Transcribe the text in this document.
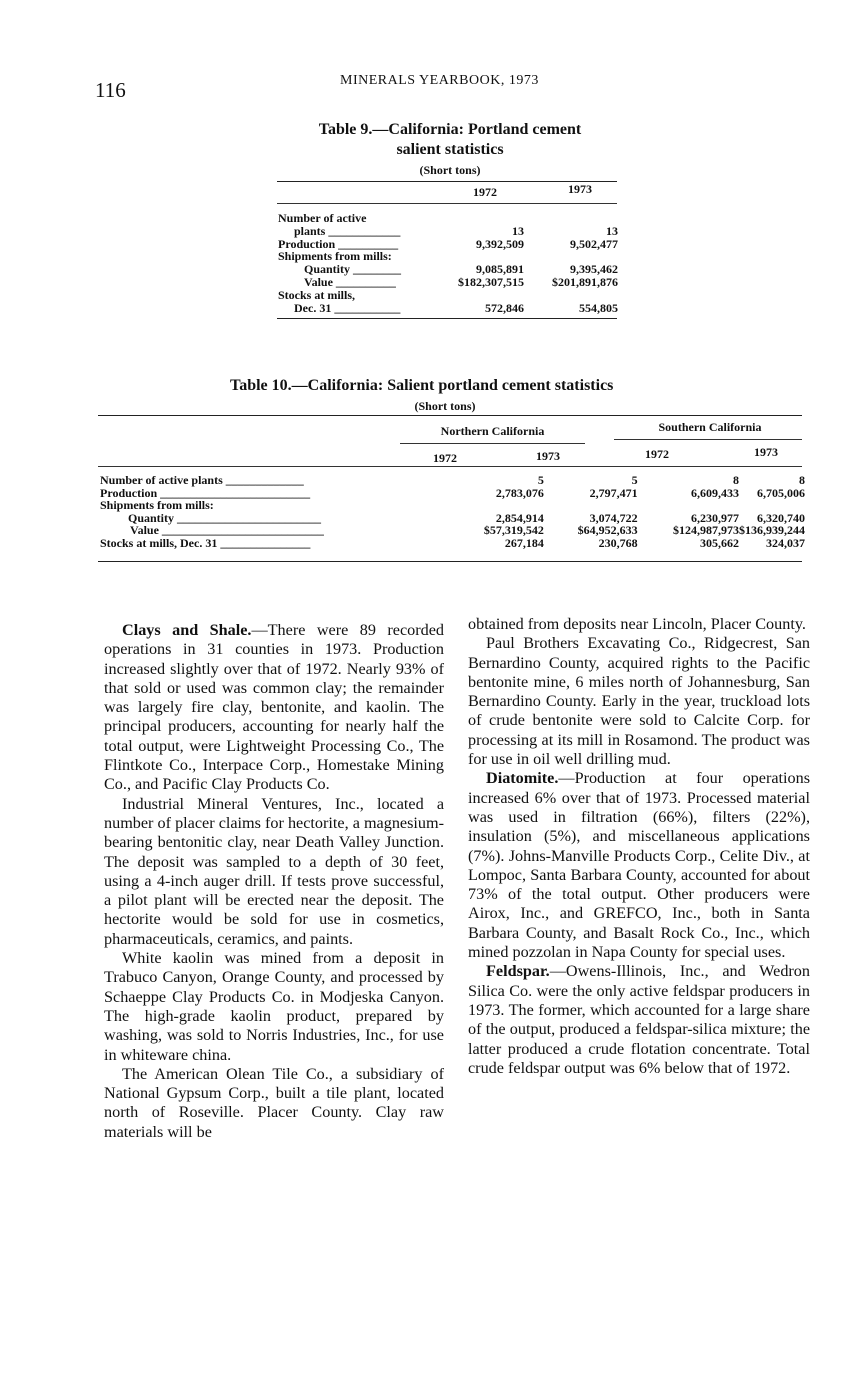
116	MINERALS YEARBOOK, 1973
Table 9.—California: Portland cement
salient statistics
(Short tons)
1972	1973
Number of active		
plants ____________	13	13
Production __________	9,392,509	9,502,477
Shipments from mills:		
Quantity ________	9,085,891	9,395,462
Value __________	$182,307,515	$201,891,876
Stocks at mills,		
Dec. 31 ___________	572,846	554,805
Table 10.—California: Salient portland cement statistics
(Short tons)
Northern California	Southern California
1972	1973	1972	1973
Number of active plants _____________	5	5	8	8
Production _________________________	2,783,076	2,797,471	6,609,433	6,705,006
Shipments from mills:				
Quantity ________________________	2,854,914	3,074,722	6,230,977	6,320,740
Value ___________________________	$57,319,542	$64,952,633	$124,987,973	$136,939,244
Stocks at mills, Dec. 31 _______________	267,184	230,768	305,662	324,037

Clays and Shale.—There were 89 recorded operations in 31 counties in 1973. Production increased slightly over that of 1972. Nearly 93% of that sold or used was common clay; the remainder was largely fire clay, bentonite, and kaolin. The principal producers, accounting for nearly half the total output, were Lightweight Processing Co., The Flintkote Co., Interpace Corp., Homestake Mining Co., and Pacific Clay Products Co.

Industrial Mineral Ventures, Inc., located a number of placer claims for hectorite, a magnesium-bearing bentonitic clay, near Death Valley Junction. The deposit was sampled to a depth of 30 feet, using a 4-inch auger drill. If tests prove successful, a pilot plant will be erected near the deposit. The hectorite would be sold for use in cosmetics, pharmaceuticals, ceramics, and paints.

White kaolin was mined from a deposit in Trabuco Canyon, Orange County, and processed by Schaeppe Clay Products Co. in Modjeska Canyon. The high-grade kaolin product, prepared by washing, was sold to Norris Industries, Inc., for use in whiteware china.

The American Olean Tile Co., a subsidiary of National Gypsum Corp., built a tile plant, located north of Roseville. Placer County. Clay raw materials will be

obtained from deposits near Lincoln, Placer County.

Paul Brothers Excavating Co., Ridgecrest, San Bernardino County, acquired rights to the Pacific bentonite mine, 6 miles north of Johannesburg, San Bernardino County. Early in the year, truckload lots of crude bentonite were sold to Calcite Corp. for processing at its mill in Rosamond. The product was for use in oil well drilling mud.

Diatomite.—Production at four operations increased 6% over that of 1973. Processed material was used in filtration (66%), filters (22%), insulation (5%), and miscellaneous applications (7%). Johns-Manville Products Corp., Celite Div., at Lompoc, Santa Barbara County, accounted for about 73% of the total output. Other producers were Airox, Inc., and GREFCO, Inc., both in Santa Barbara County, and Basalt Rock Co., Inc., which mined pozzolan in Napa County for special uses.

Feldspar.—Owens-Illinois, Inc., and Wedron Silica Co. were the only active feldspar producers in 1973. The former, which accounted for a large share of the output, produced a feldspar-silica mixture; the latter produced a crude flotation concentrate. Total crude feldspar output was 6% below that of 1972.
